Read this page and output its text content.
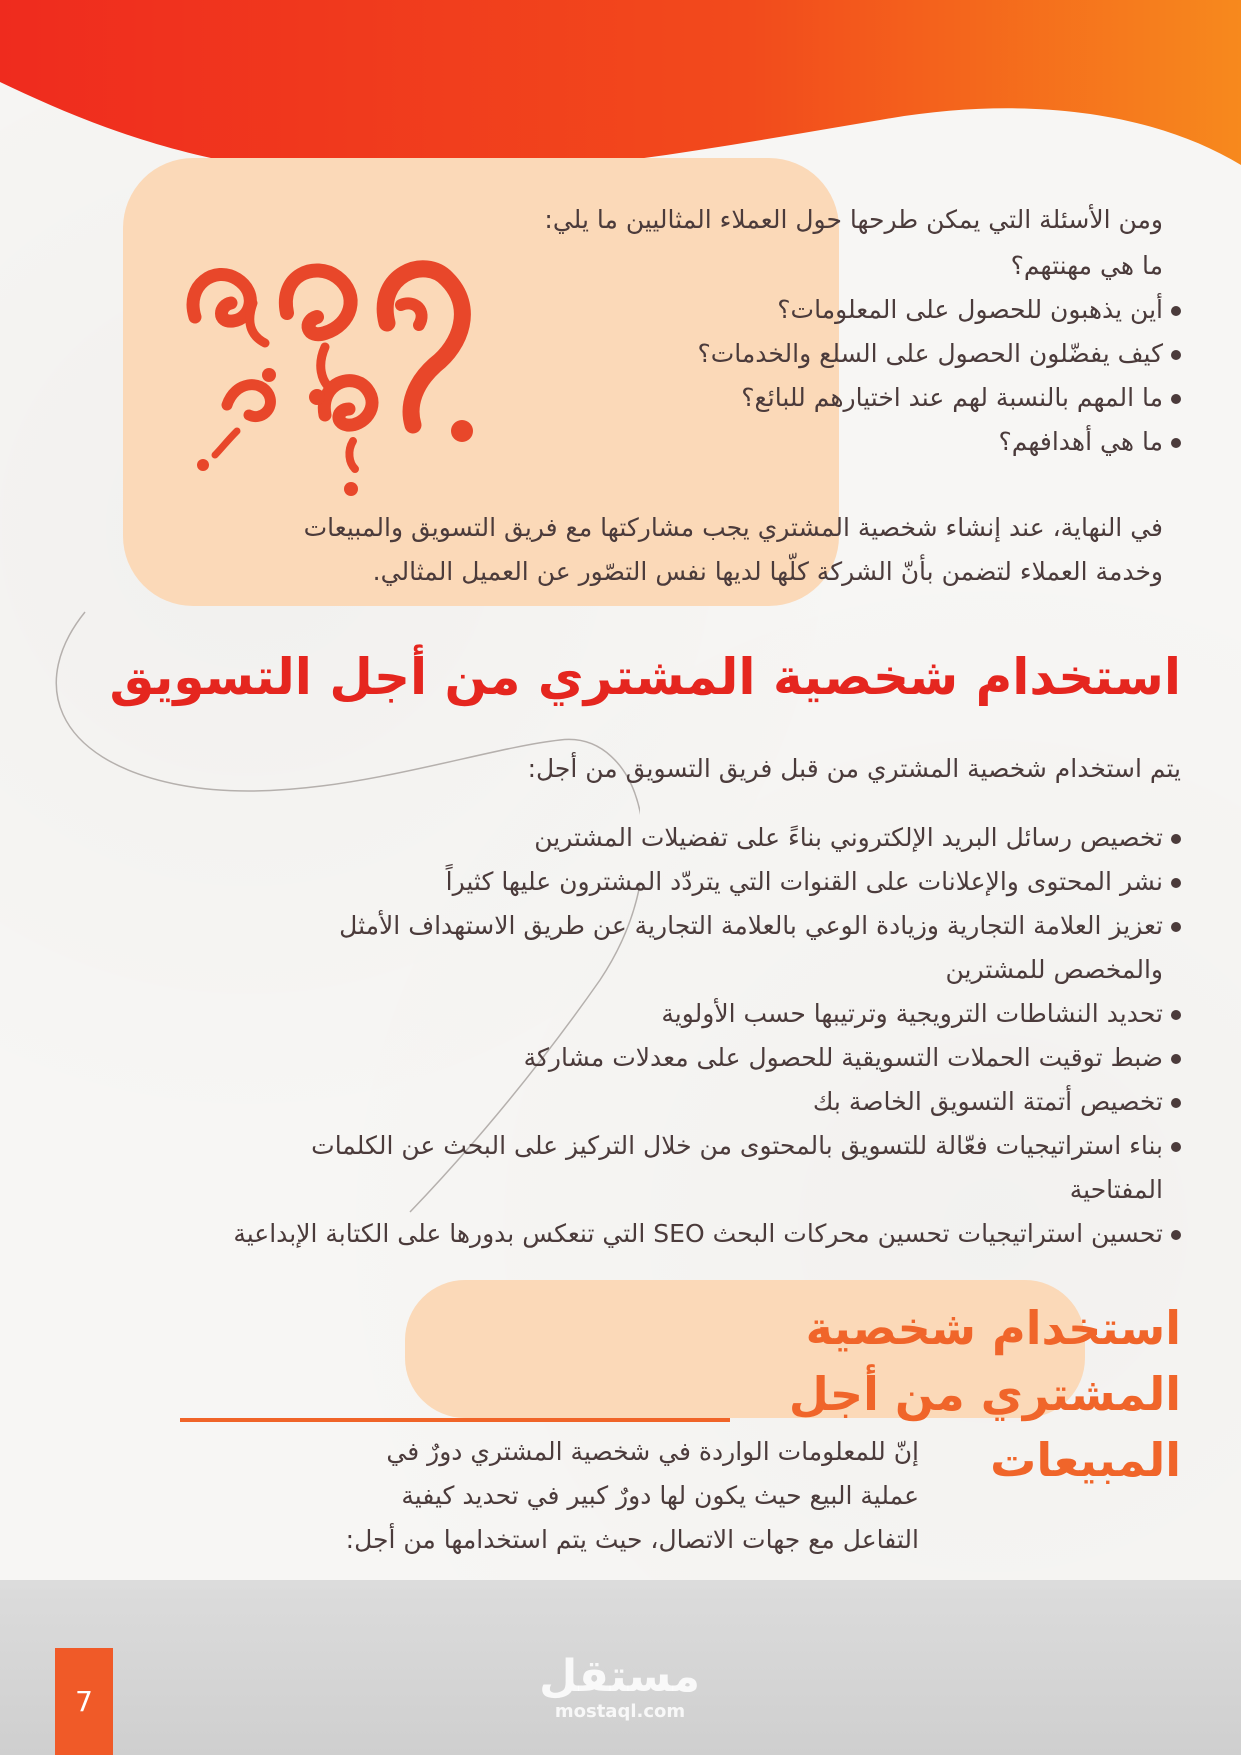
ومن الأسئلة التي يمكن طرحها حول العملاء المثاليين ما يلي:
ما هي مهنتهم؟
أين يذهبون للحصول على المعلومات؟
كيف يفضّلون الحصول على السلع والخدمات؟
ما المهم بالنسبة لهم عند اختيارهم للبائع؟
ما هي أهدافهم؟
في النهاية، عند إنشاء شخصية المشتري يجب مشاركتها مع فريق التسويق والمبيعات
وخدمة العملاء لتضمن بأنّ الشركة كلّها لديها نفس التصّور عن العميل المثالي.
استخدام شخصية المشتري من أجل التسويق
يتم استخدام شخصية المشتري من قبل فريق التسويق من أجل:
تخصيص رسائل البريد الإلكتروني بناءً على تفضيلات المشترين
نشر المحتوى والإعلانات على القنوات التي يتردّد المشترون عليها كثيراً
تعزيز العلامة التجارية وزيادة الوعي بالعلامة التجارية عن طريق الاستهداف الأمثل
والمخصص للمشترين
تحديد النشاطات الترويجية وترتيبها حسب الأولوية
ضبط توقيت الحملات التسويقية للحصول على معدلات مشاركة
تخصيص أتمتة التسويق الخاصة بك
بناء استراتيجيات فعّالة للتسويق بالمحتوى من خلال التركيز على البحث عن الكلمات
المفتاحية
تحسين استراتيجيات تحسين محركات البحث SEO التي تنعكس بدورها على الكتابة الإبداعية
استخدام شخصية
المشتري من أجل
المبيعات
إنّ للمعلومات الواردة في شخصية المشتري دورٌ في
عملية البيع حيث يكون لها دورٌ كبير في تحديد كيفية
التفاعل مع جهات الاتصال، حيث يتم استخدامها من أجل:
7	مستقل
mostaql.com
